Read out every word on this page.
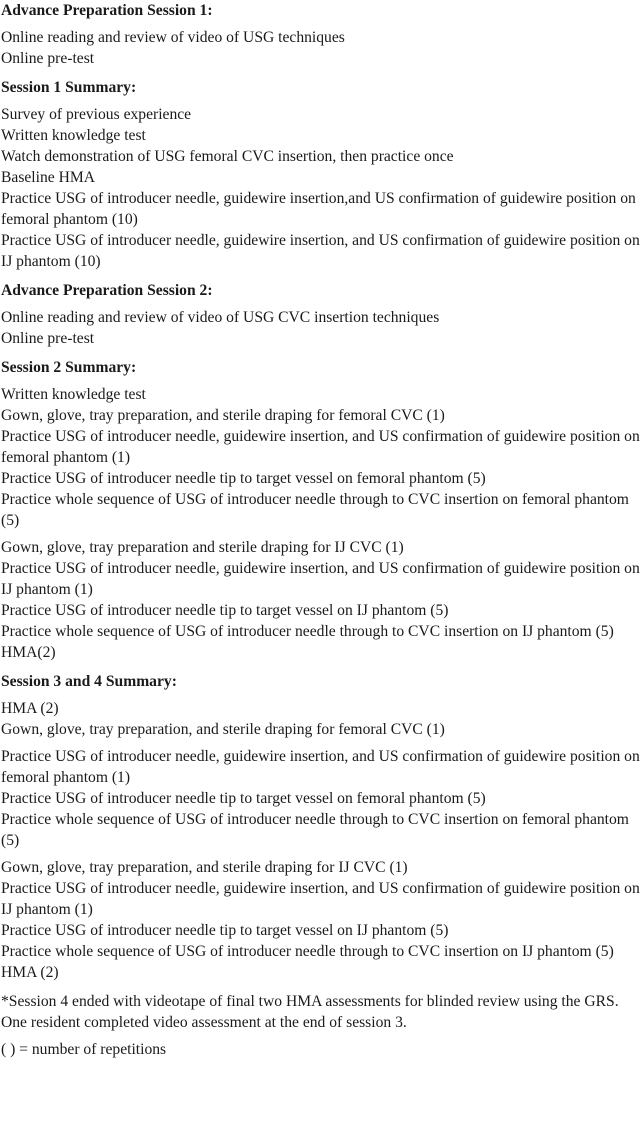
Advance Preparation Session 1:

Online reading and review of video of USG techniques

Online pre-test

Session 1 Summary:

Survey of previous experience

Written knowledge test

Watch demonstration of USG femoral CVC insertion, then practice once

Baseline HMA

Practice USG of introducer needle, guidewire insertion,and US confirmation of guidewire position on femoral phantom (10)

Practice USG of introducer needle, guidewire insertion, and US confirmation of guidewire position on IJ phantom (10)

Advance Preparation Session 2:

Online reading and review of video of USG CVC insertion techniques

Online pre-test

Session 2 Summary:

Written knowledge test

Gown, glove, tray preparation, and sterile draping for femoral CVC (1)

Practice USG of introducer needle, guidewire insertion, and US confirmation of guidewire position on femoral phantom (1)

Practice USG of introducer needle tip to target vessel on femoral phantom (5)

Practice whole sequence of USG of introducer needle through to CVC insertion on femoral phantom (5)

Gown, glove, tray preparation and sterile draping for IJ CVC (1)

Practice USG of introducer needle, guidewire insertion, and US confirmation of guidewire position on IJ phantom (1)

Practice USG of introducer needle tip to target vessel on IJ phantom (5)

Practice whole sequence of USG of introducer needle through to CVC insertion on IJ phantom (5)

HMA(2)

Session 3 and 4 Summary:

HMA (2)

Gown, glove, tray preparation, and sterile draping for femoral CVC (1)

Practice USG of introducer needle, guidewire insertion, and US confirmation of guidewire position on femoral phantom (1)

Practice USG of introducer needle tip to target vessel on femoral phantom (5)

Practice whole sequence of USG of introducer needle through to CVC insertion on femoral phantom (5)

Gown, glove, tray preparation, and sterile draping for IJ CVC (1)

Practice USG of introducer needle, guidewire insertion, and US confirmation of guidewire position on IJ phantom (1)

Practice USG of introducer needle tip to target vessel on IJ phantom (5)

Practice whole sequence of USG of introducer needle through to CVC insertion on IJ phantom (5)

HMA (2)

*Session 4 ended with videotape of final two HMA assessments for blinded review using the GRS. One resident completed video assessment at the end of session 3.

( ) = number of repetitions
